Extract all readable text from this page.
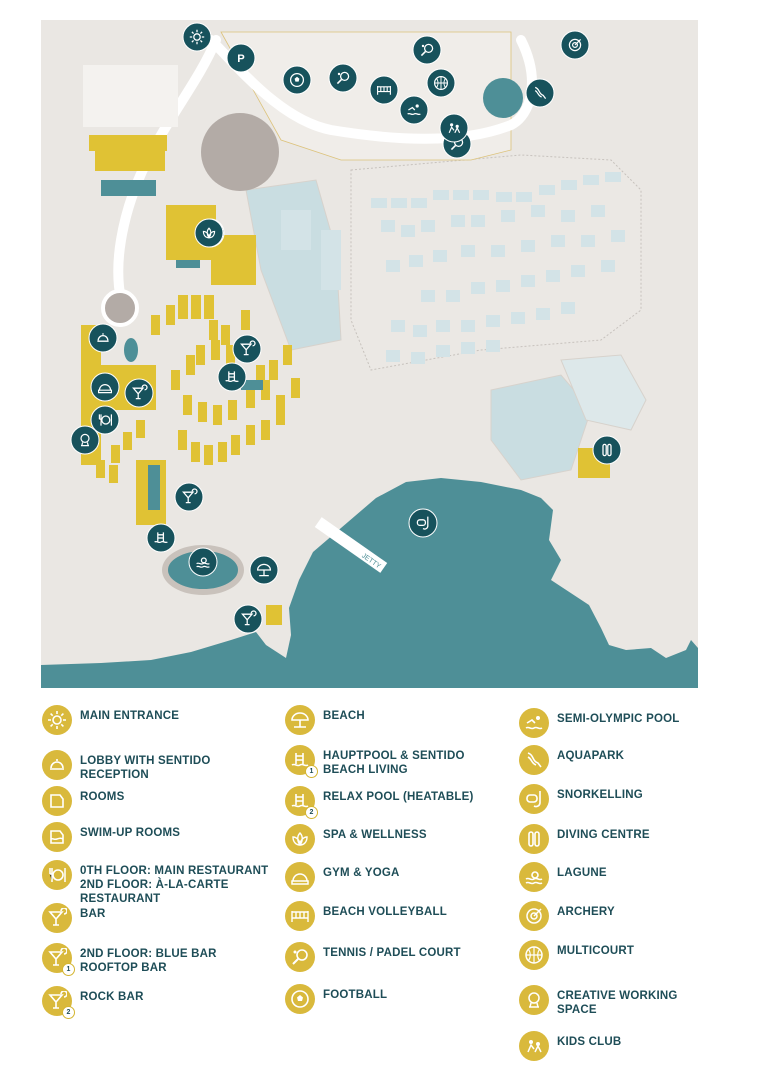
JETTY
P
MAIN ENTRANCE
LOBBY WITH SENTIDO
RECEPTION
ROOMS
SWIM-UP ROOMS
0TH FLOOR: MAIN RESTAURANT
2ND FLOOR: À-LA-CARTE
RESTAURANT
BAR
1
2ND FLOOR: BLUE BAR
ROOFTOP BAR
2
ROCK BAR
BEACH
1
HAUPTPOOL & SENTIDO
BEACH LIVING
2
RELAX POOL (HEATABLE)
SPA & WELLNESS
GYM & YOGA
BEACH VOLLEYBALL
TENNIS / PADEL COURT
FOOTBALL
SEMI-OLYMPIC POOL
AQUAPARK
SNORKELLING
DIVING CENTRE
LAGUNE
ARCHERY
MULTICOURT
CREATIVE WORKING
SPACE
KIDS CLUB
